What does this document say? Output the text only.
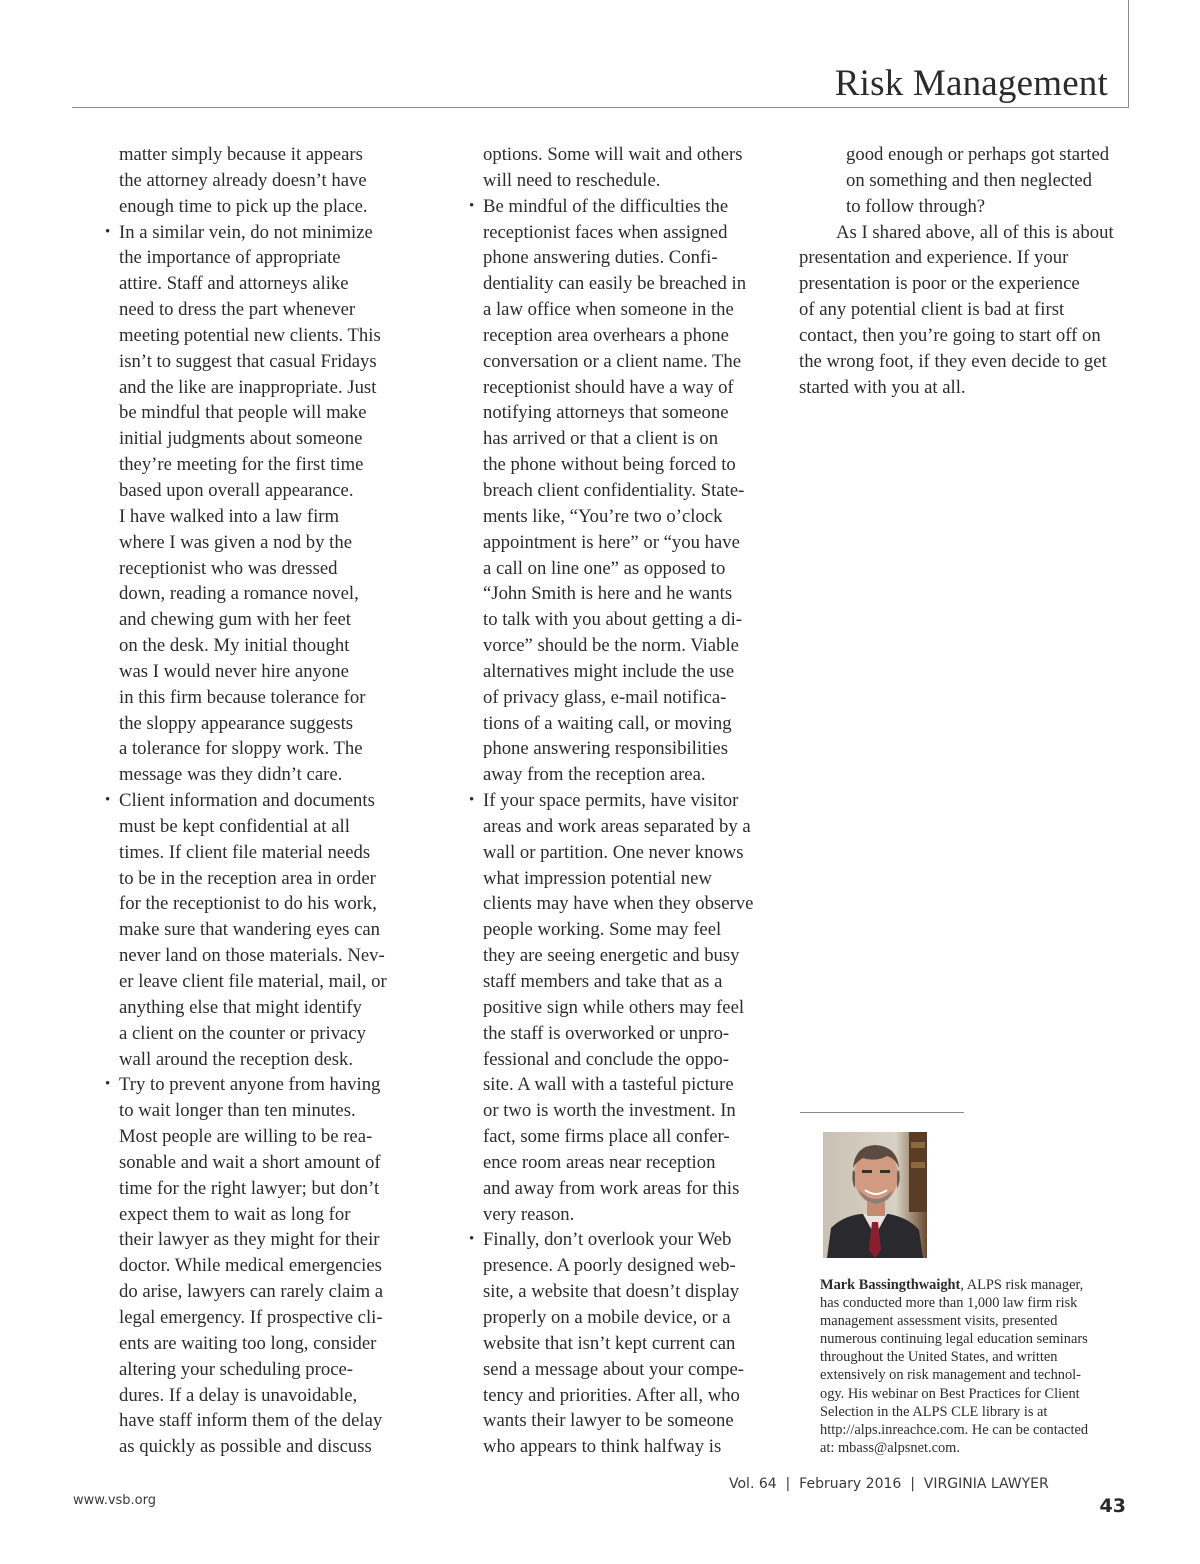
Risk Management
matter simply because it appears
the attorney already doesn’t have
enough time to pick up the place.
• In a similar vein, do not minimize
the importance of appropriate
attire. Staff and attorneys alike
need to dress the part whenever
meeting potential new clients. This
isn’t to suggest that casual Fridays
and the like are inappropriate. Just
be mindful that people will make
initial judgments about someone
they’re meeting for the first time
based upon overall appearance.
I have walked into a law firm
where I was given a nod by the
receptionist who was dressed
down, reading a romance novel,
and chewing gum with her feet
on the desk. My initial thought
was I would never hire anyone
in this firm because tolerance for
the sloppy appearance suggests
a tolerance for sloppy work. The
message was they didn’t care.
• Client information and documents
must be kept confidential at all
times. If client file material needs
to be in the reception area in order
for the receptionist to do his work,
make sure that wandering eyes can
never land on those materials. Nev-
er leave client file material, mail, or
anything else that might identify
a client on the counter or privacy
wall around the reception desk.
• Try to prevent anyone from having
to wait longer than ten minutes.
Most people are willing to be rea-
sonable and wait a short amount of
time for the right lawyer; but don’t
expect them to wait as long for
their lawyer as they might for their
doctor. While medical emergencies
do arise, lawyers can rarely claim a
legal emergency. If prospective cli-
ents are waiting too long, consider
altering your scheduling proce-
dures. If a delay is unavoidable,
have staff inform them of the delay
as quickly as possible and discuss
options. Some will wait and others
will need to reschedule.
• Be mindful of the difficulties the
receptionist faces when assigned
phone answering duties. Confi-
dentiality can easily be breached in
a law office when someone in the
reception area overhears a phone
conversation or a client name. The
receptionist should have a way of
notifying attorneys that someone
has arrived or that a client is on
the phone without being forced to
breach client confidentiality. State-
ments like, “You’re two o’clock
appointment is here” or “you have
a call on line one” as opposed to
“John Smith is here and he wants
to talk with you about getting a di-
vorce” should be the norm. Viable
alternatives might include the use
of privacy glass, e-mail notifica-
tions of a waiting call, or moving
phone answering responsibilities
away from the reception area.
• If your space permits, have visitor
areas and work areas separated by a
wall or partition. One never knows
what impression potential new
clients may have when they observe
people working. Some may feel
they are seeing energetic and busy
staff members and take that as a
positive sign while others may feel
the staff is overworked or unpro-
fessional and conclude the oppo-
site. A wall with a tasteful picture
or two is worth the investment. In
fact, some firms place all confer-
ence room areas near reception
and away from work areas for this
very reason.
• Finally, don’t overlook your Web
presence. A poorly designed web-
site, a website that doesn’t display
properly on a mobile device, or a
website that isn’t kept current can
send a message about your compe-
tency and priorities. After all, who
wants their lawyer to be someone
who appears to think halfway is
good enough or perhaps got started
on something and then neglected
to follow through?
As I shared above, all of this is about
presentation and experience. If your
presentation is poor or the experience
of any potential client is bad at first
contact, then you’re going to start off on
the wrong foot, if they even decide to get
started with you at all.
Mark Bassingthwaight, ALPS risk manager,
has conducted more than 1,000 law firm risk
management assessment visits, presented
numerous continuing legal education seminars
throughout the United States, and written
extensively on risk management and technol-
ogy. His webinar on Best Practices for Client
Selection in the ALPS CLE library is at
http://alps.inreachce.com. He can be contacted
at: mbass@alpsnet.com.
www.vsb.org
Vol. 64  |  February 2016  |  VIRGINIA LAWYER
43
